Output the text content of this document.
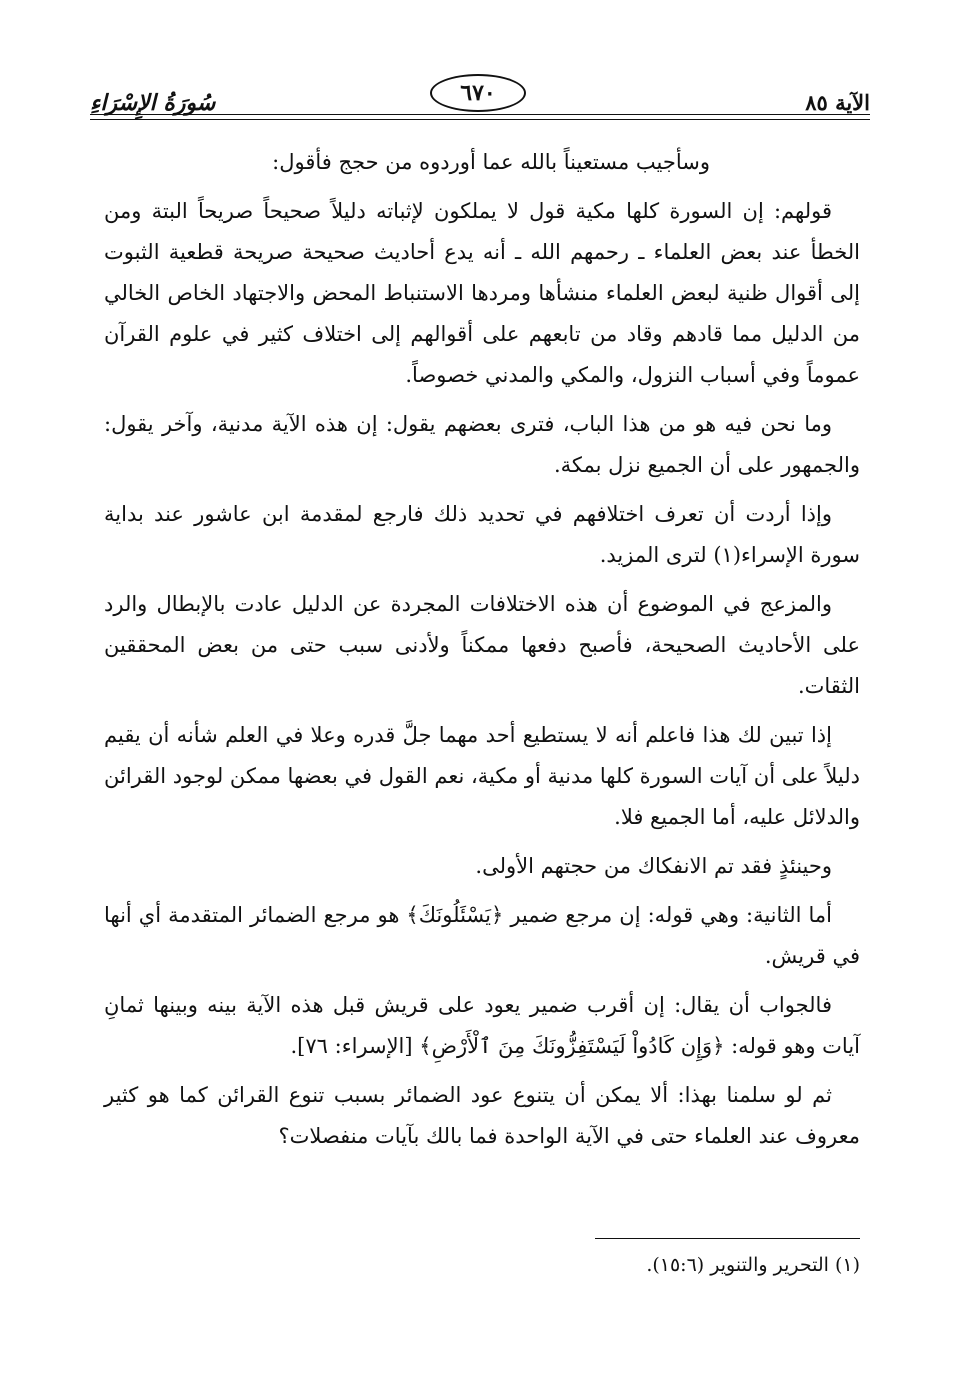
سُورَةُ الإِسْرَاءِ	٦٧٠	الآية ٨٥

وسأجيب مستعيناً بالله عما أوردوه من حجج فأقول:

قولهم: إن السورة كلها مكية قول لا يملكون لإثباته دليلاً صحيحاً صريحاً البتة ومن الخطأ عند بعض العلماء ـ رحمهم الله ـ أنه يدع أحاديث صحيحة صريحة قطعية الثبوت إلى أقوال ظنية لبعض العلماء منشأها ومردها الاستنباط المحض والاجتهاد الخاص الخالي من الدليل مما قادهم وقاد من تابعهم على أقوالهم إلى اختلاف كثير في علوم القرآن عموماً وفي أسباب النزول، والمكي والمدني خصوصاً.

وما نحن فيه هو من هذا الباب، فترى بعضهم يقول: إن هذه الآية مدنية، وآخر يقول: والجمهور على أن الجميع نزل بمكة.

وإذا أردت أن تعرف اختلافهم في تحديد ذلك فارجع لمقدمة ابن عاشور عند بداية سورة الإسراء(١) لترى المزيد.

والمزعج في الموضوع أن هذه الاختلافات المجردة عن الدليل عادت بالإبطال والرد على الأحاديث الصحيحة، فأصبح دفعها ممكناً ولأدنى سبب حتى من بعض المحققين الثقات.

إذا تبين لك هذا فاعلم أنه لا يستطيع أحد مهما جلَّ قدره وعلا في العلم شأنه أن يقيم دليلاً على أن آيات السورة كلها مدنية أو مكية، نعم القول في بعضها ممكن لوجود القرائن والدلائل عليه، أما الجميع فلا.

وحينئذٍ فقد تم الانفكاك من حجتهم الأولى.

أما الثانية: وهي قوله: إن مرجع ضمير ﴿يَسْئَلُونَكَ﴾ هو مرجع الضمائر المتقدمة أي أنها في قريش.

فالجواب أن يقال: إن أقرب ضمير يعود على قريش قبل هذه الآية بينه وبينها ثمانِ آيات وهو قوله: ﴿وَإِن كَادُواْ لَيَسْتَفِزُّونَكَ مِنَ ٱلْأَرْضِ﴾ [الإسراء: ٧٦].

ثم لو سلمنا بهذا: ألا يمكن أن يتنوع عود الضمائر بسبب تنوع القرائن كما هو كثير معروف عند العلماء حتى في الآية الواحدة فما بالك بآيات منفصلات؟

(١) التحرير والتنوير (١٥:٦).
